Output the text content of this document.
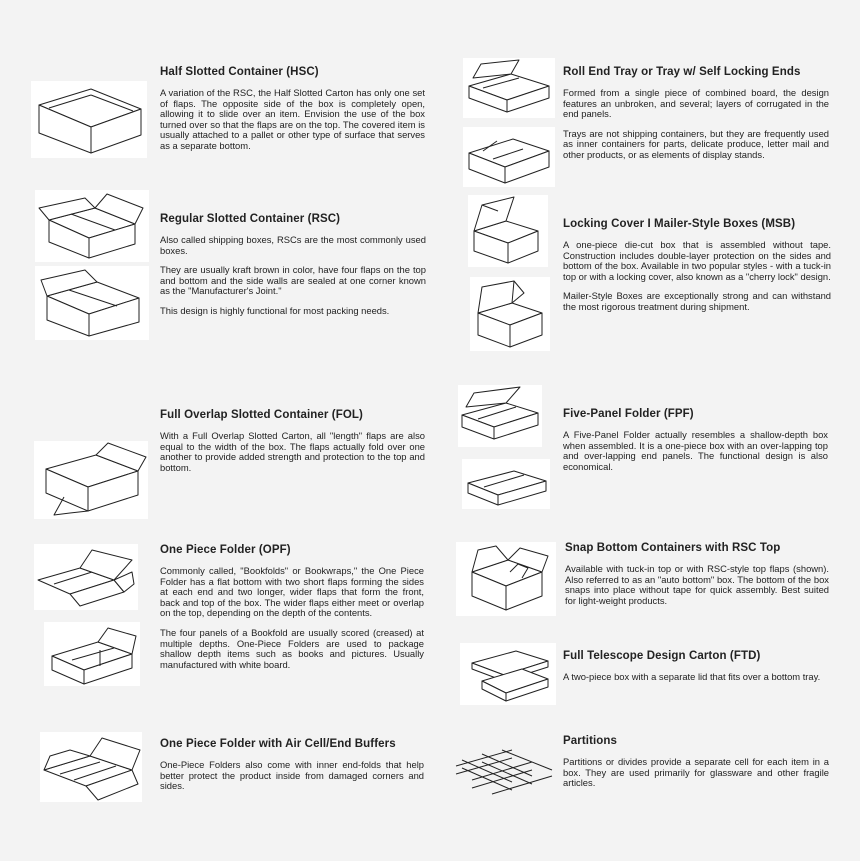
Half Slotted Container (HSC)

A variation of the RSC, the Half Slotted Carton has only one set of flaps. The opposite side of the box is completely open, allowing it to slide over an item. Envision the use of the box turned over so that the flaps are on the top. The covered item is usually attached to a pallet or other type of surface that serves as a separate bottom.

Regular Slotted Container (RSC)

Also called shipping boxes, RSCs are the most commonly used boxes.

They are usually kraft brown in color, have four flaps on the top and bottom and the side walls are sealed at one corner known as the "Manufacturer's Joint."

This design is highly functional for most packing needs.

Full Overlap Slotted Container (FOL)

With a Full Overlap Slotted Carton, all "length" flaps are also equal to the width of the box. The flaps actually fold over one another to provide added strength and protection to the top and bottom.

One Piece Folder (OPF)

Commonly called, "Bookfolds" or Bookwraps," the One Piece Folder has a flat bottom with two short flaps forming the sides at each end and two longer, wider flaps that form the front, back and top of the box. The wider flaps either meet or overlap on the top, depending on the depth of the contents.

The four panels of a Bookfold are usually scored (creased) at multiple depths. One-Piece Folders are used to package shallow depth items such as books and pictures. Usually manufactured with white board.

One Piece Folder with Air Cell/End Buffers

One-Piece Folders also come with inner end-folds that help better protect the product inside from damaged corners and sides.

Roll End Tray or Tray w/ Self Locking Ends

Formed from a single piece of combined board, the design features an unbroken, and several; layers of corrugated in the end panels.

Trays are not shipping containers, but they are frequently used as inner containers for parts, delicate produce, letter mail and other products, or as elements of display stands.

Locking Cover I Mailer-Style Boxes (MSB)

A one-piece die-cut box that is assembled without tape. Construction includes double-layer protection on the sides and bottom of the box. Available in two popular styles - with a tuck-in top or with a locking cover, also known as a "cherry lock" design.

Mailer-Style Boxes are exceptionally strong and can withstand the most rigorous treatment during shipment.

Five-Panel Folder (FPF)

A Five-Panel Folder actually resembles a shallow-depth box when assembled. It is a one-piece box with an over-lapping top and over-lapping end panels. The functional design is also economical.

Snap Bottom Containers with RSC Top

Available with tuck-in top or with RSC-style top flaps (shown). Also referred to as an "auto bottom" box. The bottom of the box snaps into place without tape for quick assembly. Best suited for light-weight products.

Full Telescope Design Carton (FTD)

A two-piece box with a separate lid that fits over a bottom tray.

Partitions

Partitions or divides provide a separate cell for each item in a box. They are used primarily for glassware and other fragile articles.
